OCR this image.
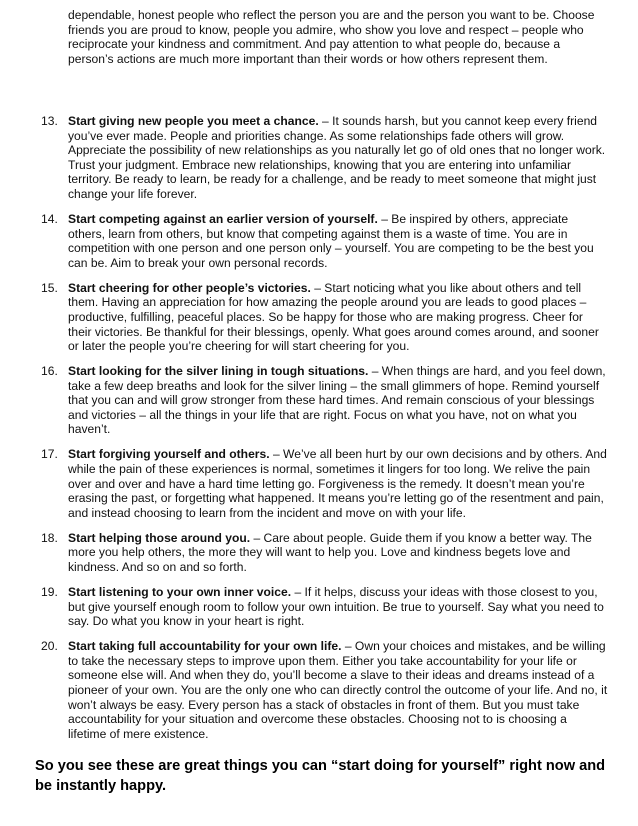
dependable, honest people who reflect the person you are and the person you want to be. Choose friends you are proud to know, people you admire, who show you love and respect – people who reciprocate your kindness and commitment. And pay attention to what people do, because a person’s actions are much more important than their words or how others represent them.

13. Start giving new people you meet a chance. – It sounds harsh, but you cannot keep every friend you’ve ever made. People and priorities change. As some relationships fade others will grow. Appreciate the possibility of new relationships as you naturally let go of old ones that no longer work. Trust your judgment. Embrace new relationships, knowing that you are entering into unfamiliar territory. Be ready to learn, be ready for a challenge, and be ready to meet someone that might just change your life forever.
14. Start competing against an earlier version of yourself. – Be inspired by others, appreciate others, learn from others, but know that competing against them is a waste of time. You are in competition with one person and one person only – yourself. You are competing to be the best you can be. Aim to break your own personal records.
15. Start cheering for other people’s victories. – Start noticing what you like about others and tell them. Having an appreciation for how amazing the people around you are leads to good places – productive, fulfilling, peaceful places. So be happy for those who are making progress. Cheer for their victories. Be thankful for their blessings, openly. What goes around comes around, and sooner or later the people you’re cheering for will start cheering for you.
16. Start looking for the silver lining in tough situations. – When things are hard, and you feel down, take a few deep breaths and look for the silver lining – the small glimmers of hope. Remind yourself that you can and will grow stronger from these hard times. And remain conscious of your blessings and victories – all the things in your life that are right. Focus on what you have, not on what you haven’t.
17. Start forgiving yourself and others. – We’ve all been hurt by our own decisions and by others. And while the pain of these experiences is normal, sometimes it lingers for too long. We relive the pain over and over and have a hard time letting go. Forgiveness is the remedy. It doesn’t mean you’re erasing the past, or forgetting what happened. It means you’re letting go of the resentment and pain, and instead choosing to learn from the incident and move on with your life.
18. Start helping those around you. – Care about people. Guide them if you know a better way. The more you help others, the more they will want to help you. Love and kindness begets love and kindness. And so on and so forth.
19. Start listening to your own inner voice. – If it helps, discuss your ideas with those closest to you, but give yourself enough room to follow your own intuition. Be true to yourself. Say what you need to say. Do what you know in your heart is right.
20. Start taking full accountability for your own life. – Own your choices and mistakes, and be willing to take the necessary steps to improve upon them. Either you take accountability for your life or someone else will. And when they do, you’ll become a slave to their ideas and dreams instead of a pioneer of your own. You are the only one who can directly control the outcome of your life. And no, it won’t always be easy. Every person has a stack of obstacles in front of them. But you must take accountability for your situation and overcome these obstacles. Choosing not to is choosing a lifetime of mere existence.

So you see these are great things you can “start doing for yourself” right now and be instantly happy.
